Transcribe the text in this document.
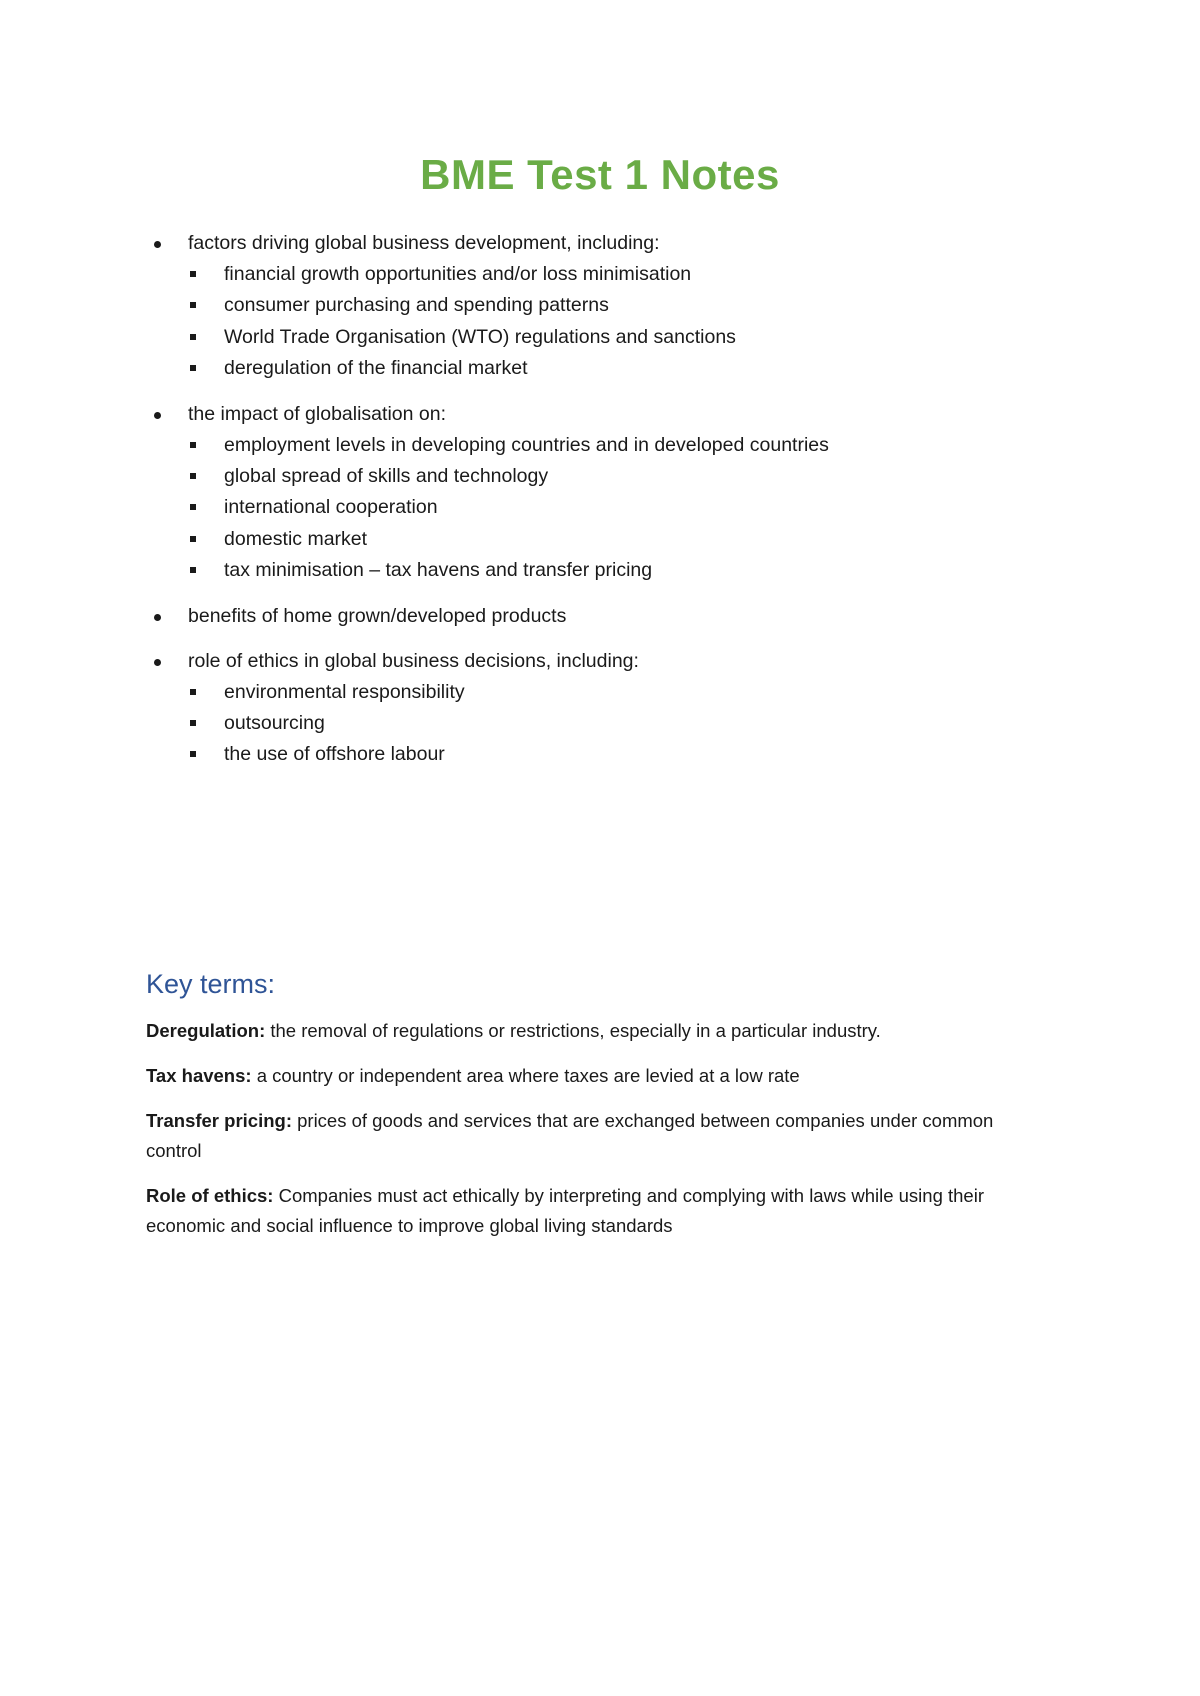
BME Test 1 Notes
factors driving global business development, including:
financial growth opportunities and/or loss minimisation
consumer purchasing and spending patterns
World Trade Organisation (WTO) regulations and sanctions
deregulation of the financial market
the impact of globalisation on:
employment levels in developing countries and in developed countries
global spread of skills and technology
international cooperation
domestic market
tax minimisation – tax havens and transfer pricing
benefits of home grown/developed products
role of ethics in global business decisions, including:
environmental responsibility
outsourcing
the use of offshore labour
Key terms:

Deregulation: the removal of regulations or restrictions, especially in a particular industry.

Tax havens: a country or independent area where taxes are levied at a low rate

Transfer pricing: prices of goods and services that are exchanged between companies under common control

Role of ethics: Companies must act ethically by interpreting and complying with laws while using their economic and social influence to improve global living standards
